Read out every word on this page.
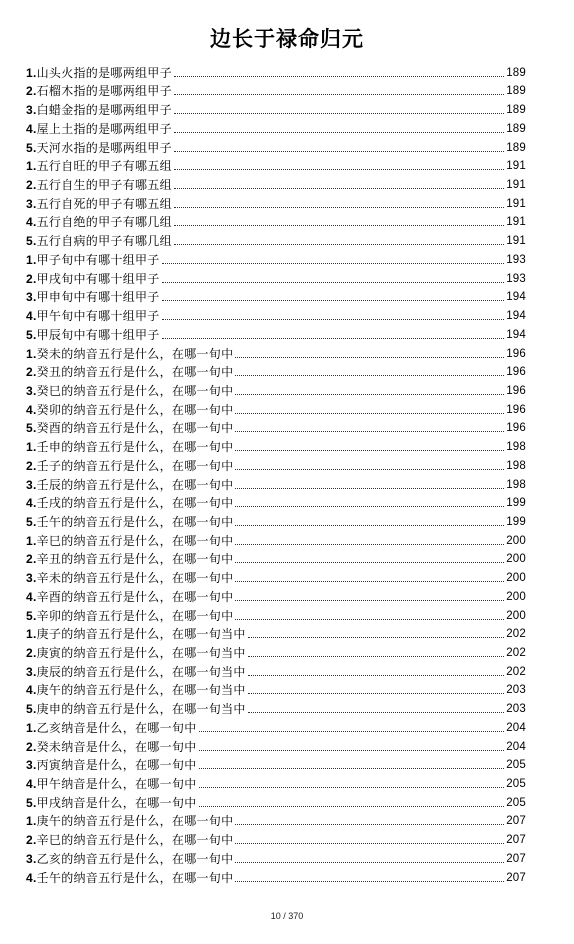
边长于禄命归元
1.山头火指的是哪两组甲子	189
2.石榴木指的是哪两组甲子	189
3.白蜡金指的是哪两组甲子	189
4.屋上土指的是哪两组甲子	189
5.天河水指的是哪两组甲子	189
1.五行自旺的甲子有哪五组	191
2.五行自生的甲子有哪五组	191
3.五行自死的甲子有哪五组	191
4.五行自绝的甲子有哪几组	191
5.五行自病的甲子有哪几组	191
1.甲子旬中有哪十组甲子	193
2.甲戌旬中有哪十组甲子	193
3.甲申旬中有哪十组甲子	194
4.甲午旬中有哪十组甲子	194
5.甲辰旬中有哪十组甲子	194
1.癸未的纳音五行是什么，在哪一旬中	196
2.癸丑的纳音五行是什么，在哪一旬中	196
3.癸巳的纳音五行是什么，在哪一旬中	196
4.癸卯的纳音五行是什么，在哪一旬中	196
5.癸酉的纳音五行是什么，在哪一旬中	196
1.壬申的纳音五行是什么，在哪一旬中	198
2.壬子的纳音五行是什么，在哪一旬中	198
3.壬辰的纳音五行是什么，在哪一旬中	198
4.壬戌的纳音五行是什么，在哪一旬中	199
5.壬午的纳音五行是什么，在哪一旬中	199
1.辛巳的纳音五行是什么，在哪一旬中	200
2.辛丑的纳音五行是什么，在哪一旬中	200
3.辛未的纳音五行是什么，在哪一旬中	200
4.辛酉的纳音五行是什么，在哪一旬中	200
5.辛卯的纳音五行是什么，在哪一旬中	200
1.庚子的纳音五行是什么，在哪一旬当中	202
2.庚寅的纳音五行是什么，在哪一旬当中	202
3.庚辰的纳音五行是什么，在哪一旬当中	202
4.庚午的纳音五行是什么，在哪一旬当中	203
5.庚申的纳音五行是什么，在哪一旬当中	203
1.乙亥纳音是什么，在哪一旬中	204
2.癸未纳音是什么，在哪一旬中	204
3.丙寅纳音是什么，在哪一旬中	205
4.甲午纳音是什么，在哪一旬中	205
5.甲戌纳音是什么，在哪一旬中	205
1.庚午的纳音五行是什么，在哪一旬中	207
2.辛巳的纳音五行是什么，在哪一旬中	207
3.乙亥的纳音五行是什么，在哪一旬中	207
4.壬午的纳音五行是什么，在哪一旬中	207
10 / 370
